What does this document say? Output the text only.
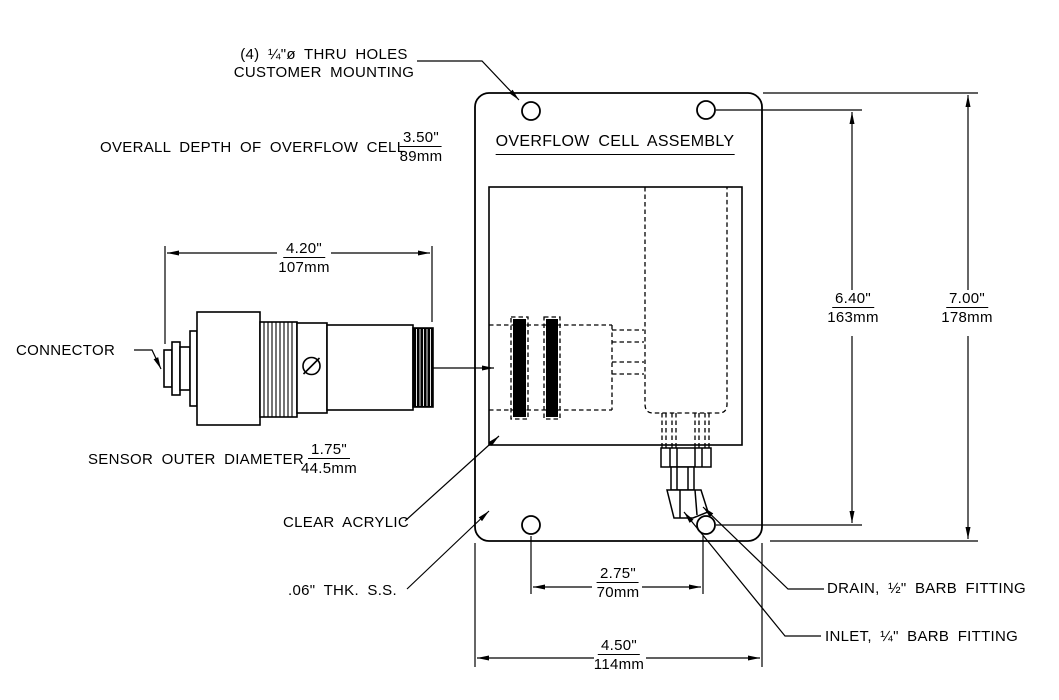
(4) ¼"ø THRU HOLES
CUSTOMER MOUNTING
OVERALL DEPTH OF OVERFLOW CELL
$\frac{3.50"}{89mm}$	OVERFLOW CELL ASSEMBLY
$\frac{4.20"}{107mm}$
CONNECTOR
SENSOR OUTER DIAMETER
$\frac{1.75"}{44.5mm}$
CLEAR ACRYLIC
.06" THK. S.S.	$\frac{2.75"}{70mm}$
$\frac{4.50"}{114mm}$
$\frac{6.40"}{163mm}$	$\frac{7.00"}{178mm}$
DRAIN, ½" BARB FITTING
INLET, ¼" BARB FITTING
